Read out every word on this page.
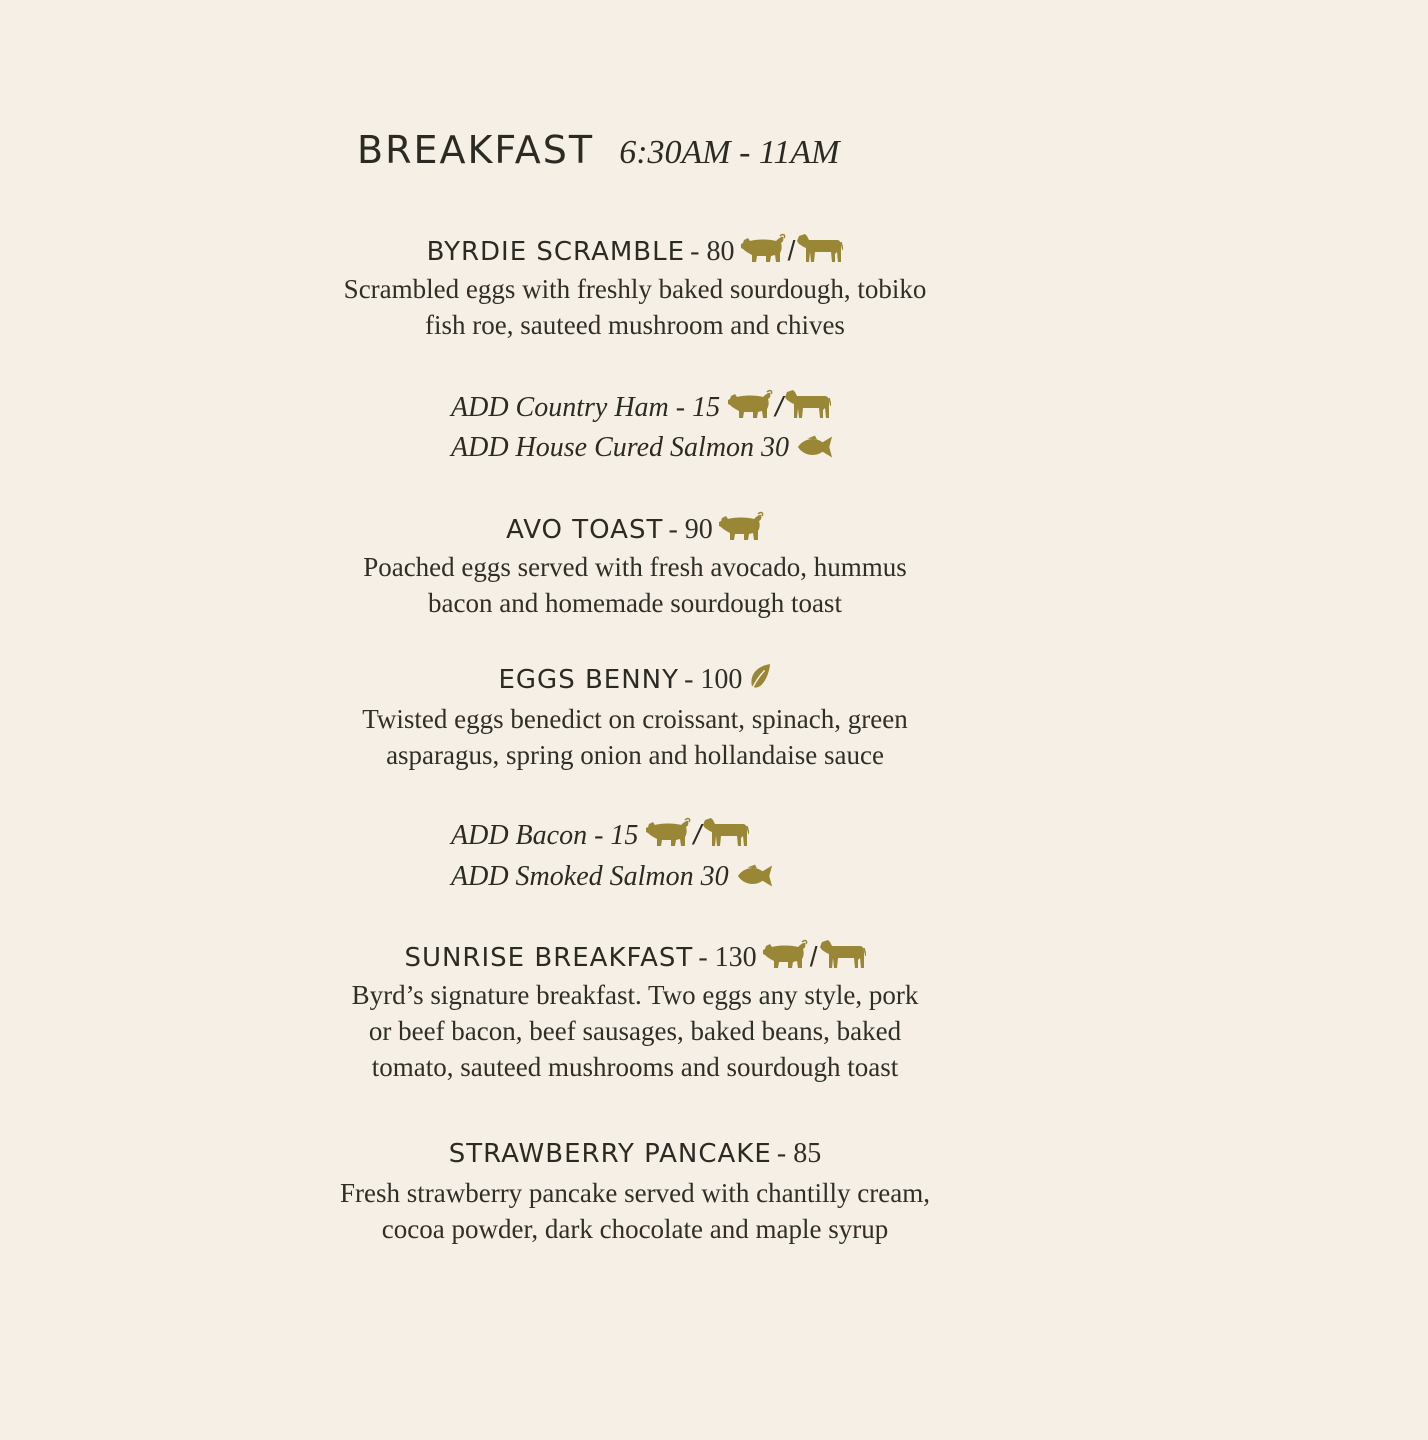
BREAKFAST 6:30AM - 11AM
BYRDIE SCRAMBLE - 80 /
Scrambled eggs with freshly baked sourdough, tobiko
fish roe, sauteed mushroom and chives
ADD Country Ham - 15 /
ADD House Cured Salmon 30
AVO TOAST - 90
Poached eggs served with fresh avocado, hummus
bacon and homemade sourdough toast
EGGS BENNY - 100
Twisted eggs benedict on croissant, spinach, green
asparagus, spring onion and hollandaise sauce
ADD Bacon - 15 /
ADD Smoked Salmon 30
SUNRISE BREAKFAST - 130 /
Byrd’s signature breakfast. Two eggs any style, pork
or beef bacon, beef sausages, baked beans, baked
tomato, sauteed mushrooms and sourdough toast
STRAWBERRY PANCAKE - 85
Fresh strawberry pancake served with chantilly cream,
cocoa powder, dark chocolate and maple syrup
